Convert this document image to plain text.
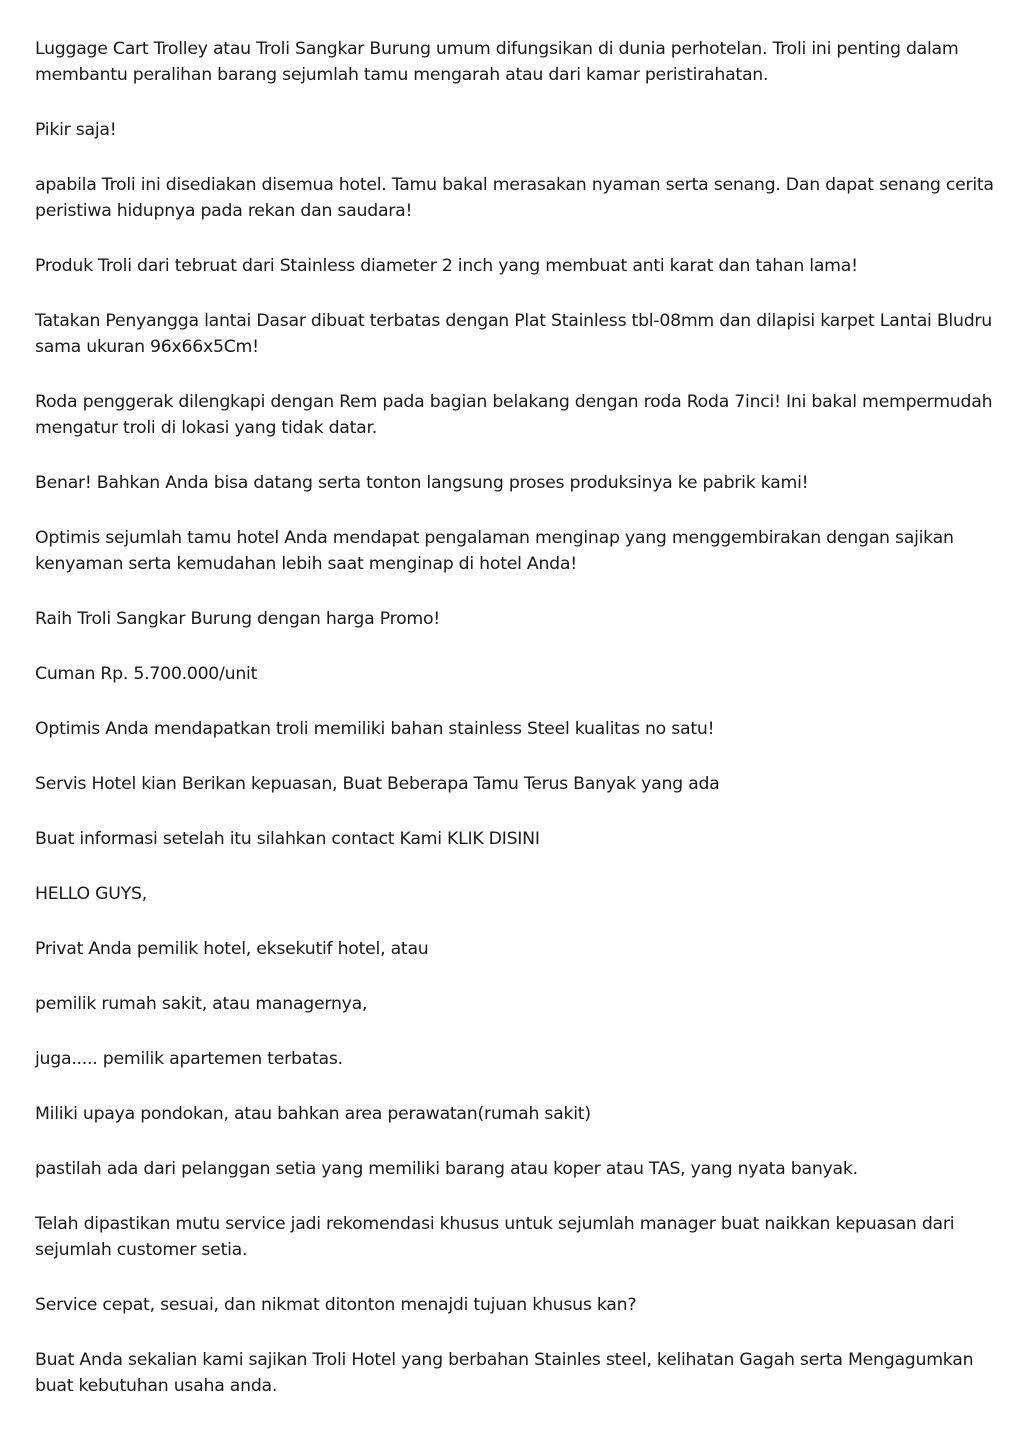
Luggage Cart Trolley atau Troli Sangkar Burung umum difungsikan di dunia perhotelan. Troli ini penting dalam membantu peralihan barang sejumlah tamu mengarah atau dari kamar peristirahatan.

Pikir saja!

apabila Troli ini disediakan disemua hotel. Tamu bakal merasakan nyaman serta senang. Dan dapat senang cerita peristiwa hidupnya pada rekan dan saudara!

Produk Troli dari tebruat dari Stainless diameter 2 inch yang membuat anti karat dan tahan lama!

Tatakan Penyangga lantai Dasar dibuat terbatas dengan Plat Stainless tbl-08mm dan dilapisi karpet Lantai Bludru sama ukuran 96x66x5Cm!

Roda penggerak dilengkapi dengan Rem pada bagian belakang dengan roda Roda 7inci! Ini bakal mempermudah mengatur troli di lokasi yang tidak datar.

Benar! Bahkan Anda bisa datang serta tonton langsung proses produksinya ke pabrik kami!

Optimis sejumlah tamu hotel Anda mendapat pengalaman menginap yang menggembirakan dengan sajikan kenyaman serta kemudahan lebih saat menginap di hotel Anda!

Raih Troli Sangkar Burung dengan harga Promo!

Cuman Rp. 5.700.000/unit

Optimis Anda mendapatkan troli memiliki bahan stainless Steel kualitas no satu!

Servis Hotel kian Berikan kepuasan, Buat Beberapa Tamu Terus Banyak yang ada

Buat informasi setelah itu silahkan contact Kami KLIK DISINI

HELLO GUYS,

Privat Anda pemilik hotel, eksekutif hotel, atau

pemilik rumah sakit, atau managernya,

juga..... pemilik apartemen terbatas.

Miliki upaya pondokan, atau bahkan area perawatan(rumah sakit)

pastilah ada dari pelanggan setia yang memiliki barang atau koper atau TAS, yang nyata banyak.

Telah dipastikan mutu service jadi rekomendasi khusus untuk sejumlah manager buat naikkan kepuasan dari sejumlah customer setia.

Service cepat, sesuai, dan nikmat ditonton menajdi tujuan khusus kan?

Buat Anda sekalian kami sajikan Troli Hotel yang berbahan Stainles steel, kelihatan Gagah serta Mengagumkan buat kebutuhan usaha anda.
